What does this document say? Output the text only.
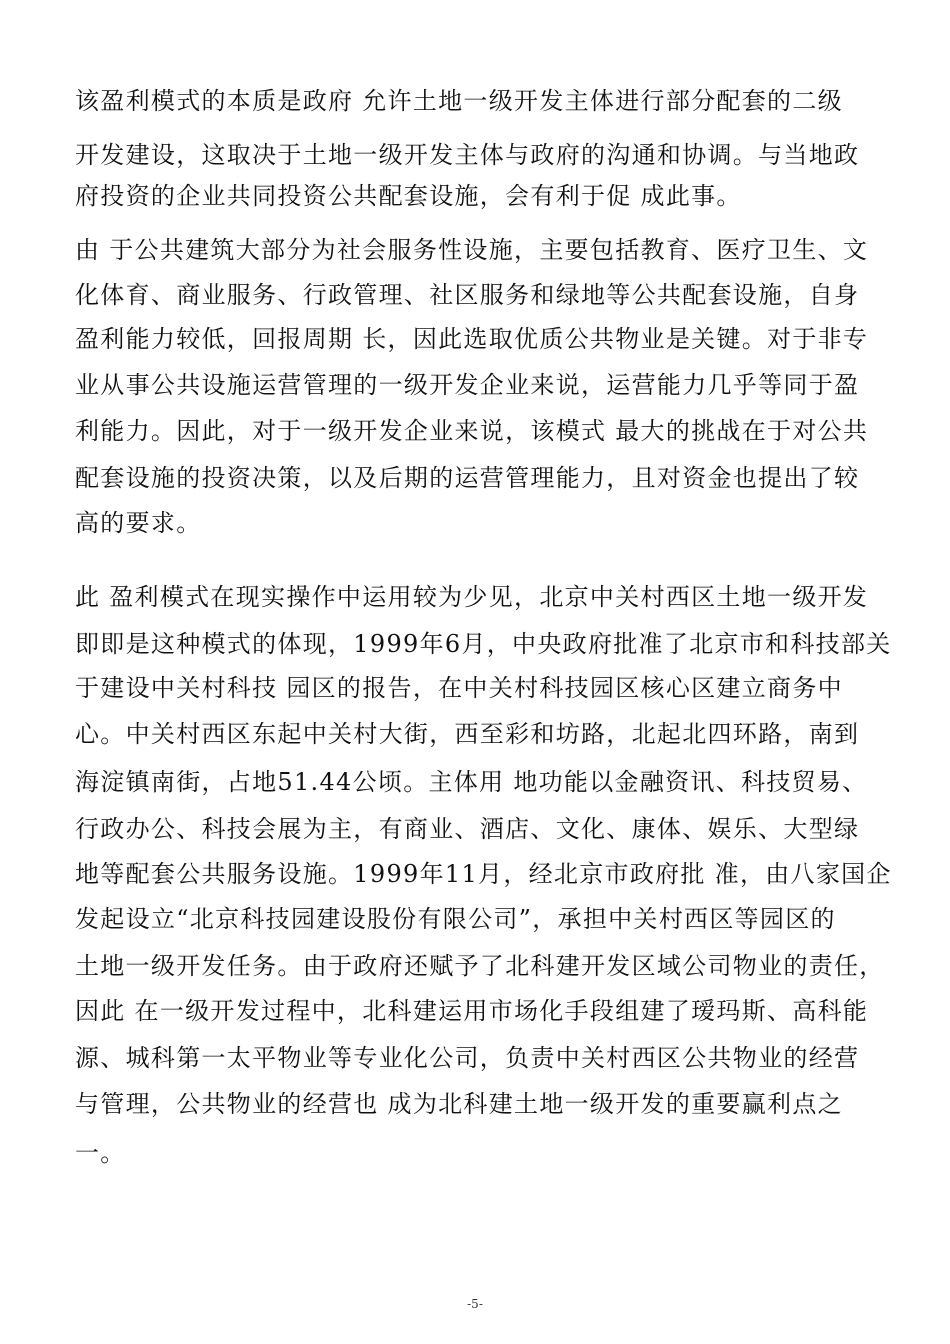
该盈利模式的本质是政府 允许土地一级开发主体进行部分配套的二级
开发建设，这取决于土地一级开发主体与政府的沟通和协调。与当地政
府投资的企业共同投资公共配套设施，会有利于促 成此事。
由 于公共建筑大部分为社会服务性设施，主要包括教育、医疗卫生、文
化体育、商业服务、行政管理、社区服务和绿地等公共配套设施，自身
盈利能力较低，回报周期 长，因此选取优质公共物业是关键。对于非专
业从事公共设施运营管理的一级开发企业来说，运营能力几乎等同于盈
利能力。因此，对于一级开发企业来说，该模式 最大的挑战在于对公共
配套设施的投资决策，以及后期的运营管理能力，且对资金也提出了较
高的要求。
此 盈利模式在现实操作中运用较为少见，北京中关村西区土地一级开发
即即是这种模式的体现，1999年6月，中央政府批准了北京市和科技部关
于建设中关村科技 园区的报告，在中关村科技园区核心区建立商务中
心。中关村西区东起中关村大街，西至彩和坊路，北起北四环路，南到
海淀镇南街，占地51.44公顷。主体用 地功能以金融资讯、科技贸易、
行政办公、科技会展为主，有商业、酒店、文化、康体、娱乐、大型绿
地等配套公共服务设施。1999年11月，经北京市政府批 准，由八家国企
发起设立“北京科技园建设股份有限公司”，承担中关村西区等园区的
土地一级开发任务。由于政府还赋予了北科建开发区域公司物业的责任，
因此 在一级开发过程中，北科建运用市场化手段组建了瑷玛斯、高科能
源、城科第一太平物业等专业化公司，负责中关村西区公共物业的经营
与管理，公共物业的经营也 成为北科建土地一级开发的重要赢利点之
一。
-5-
